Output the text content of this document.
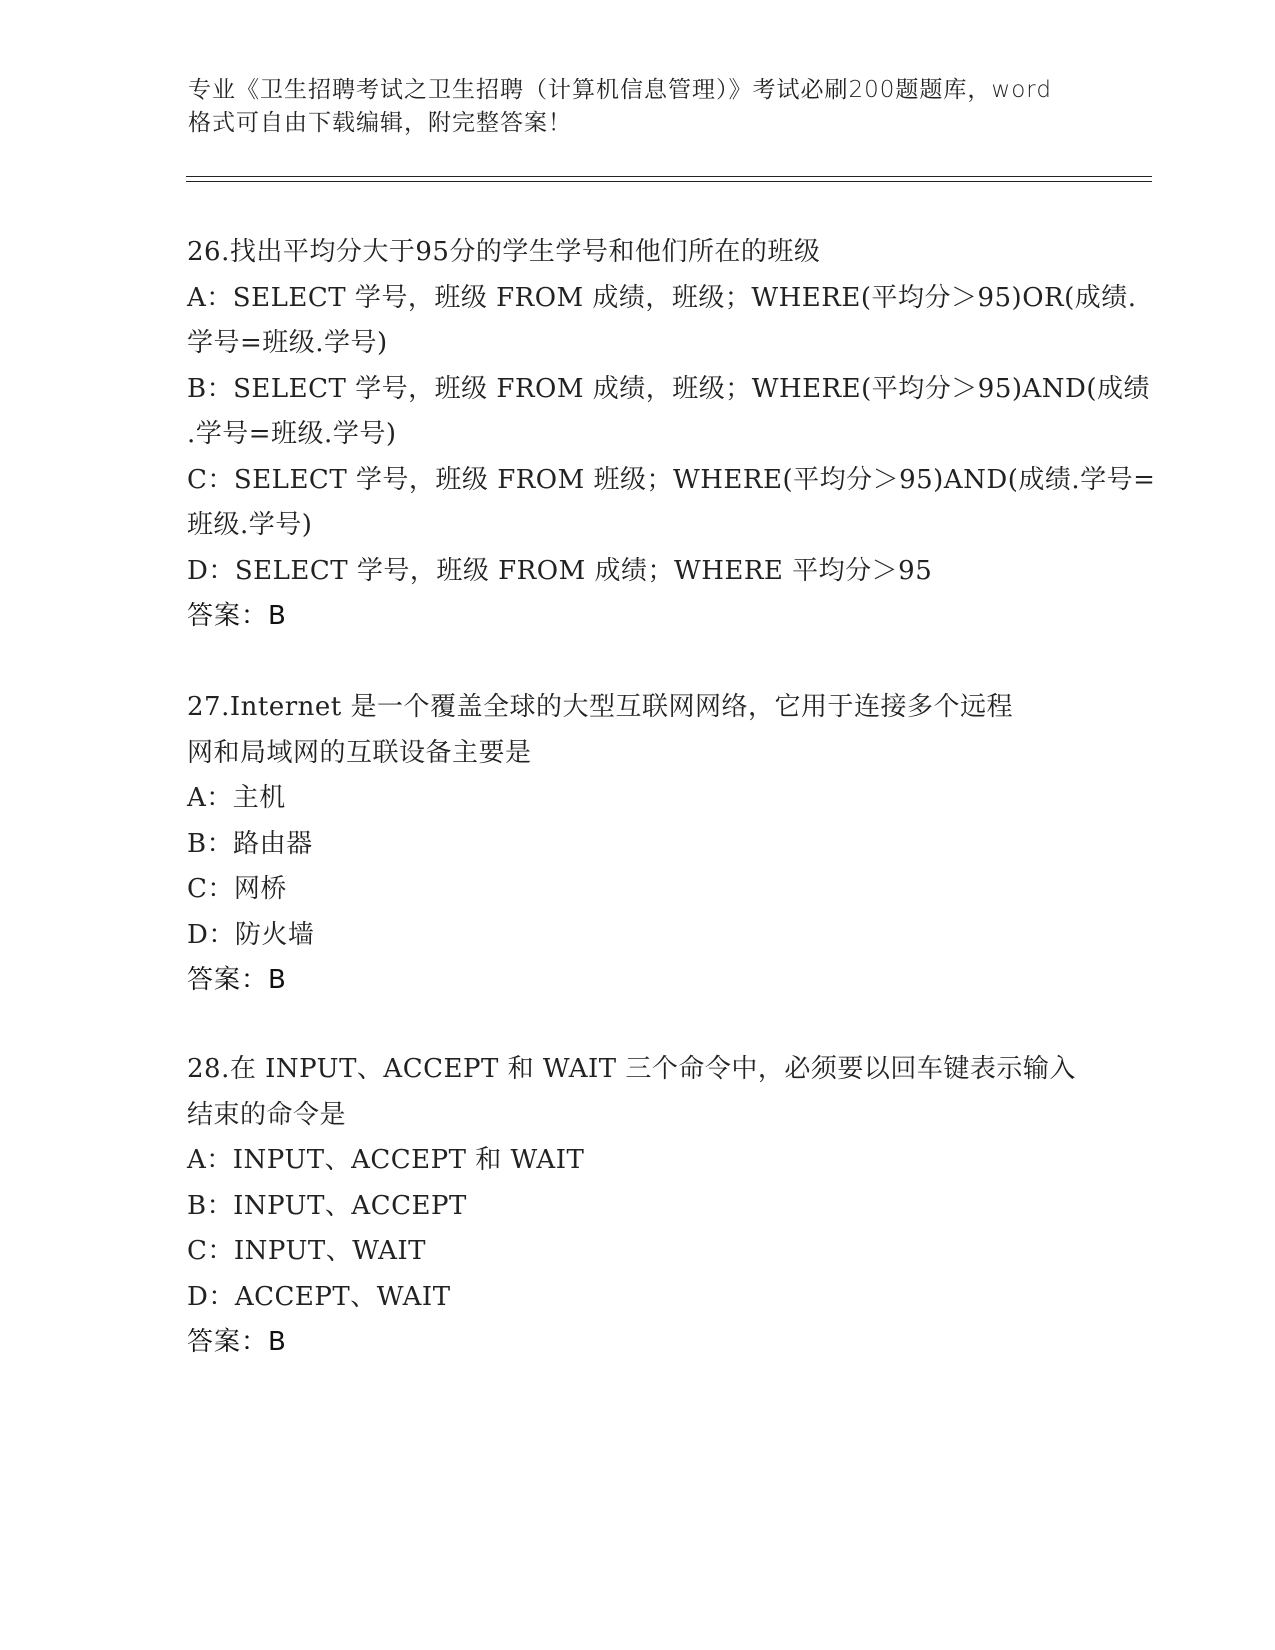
专业《卫生招聘考试之卫生招聘（计算机信息管理）》考试必刷200题题库，word
格式可自由下载编辑，附完整答案！
26.找出平均分大于95分的学生学号和他们所在的班级
A：SELECT 学号，班级 FROM 成绩，班级；WHERE(平均分＞95)OR(成绩.
学号=班级.学号)
B：SELECT 学号，班级 FROM 成绩，班级；WHERE(平均分＞95)AND(成绩
.学号=班级.学号)
C：SELECT 学号，班级 FROM 班级；WHERE(平均分＞95)AND(成绩.学号=
班级.学号)
D：SELECT 学号，班级 FROM 成绩；WHERE 平均分＞95
答案：B
27.Internet 是一个覆盖全球的大型互联网网络，它用于连接多个远程
网和局域网的互联设备主要是
A：主机
B：路由器
C：网桥
D：防火墙
答案：B
28.在 INPUT、ACCEPT 和 WAIT 三个命令中，必须要以回车键表示输入
结束的命令是
A：INPUT、ACCEPT 和 WAIT
B：INPUT、ACCEPT
C：INPUT、WAIT
D：ACCEPT、WAIT
答案：B
